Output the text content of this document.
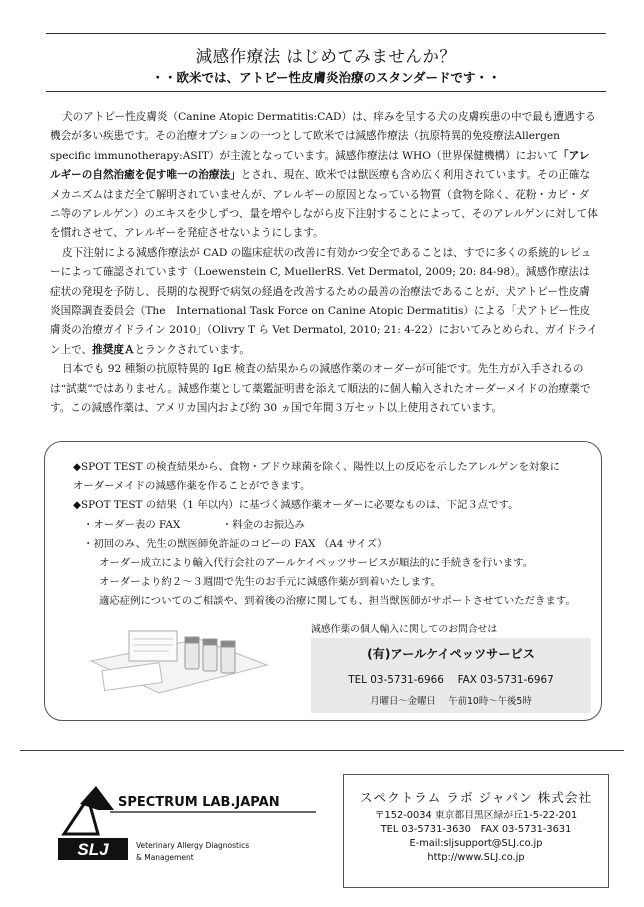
減感作療法 はじめてみませんか？
・・欧米では、アトピー性皮膚炎治療のスタンダードです・・

犬のアトピー性皮膚炎（Canine Atopic Dermatitis:CAD）は、痒みを呈する犬の皮膚疾患の中で最も遭遇する機会が多い疾患です。その治療オプションの一つとして欧米では減感作療法（抗原特異的免疫療法Allergen specific immunotherapy:ASIT）が主流となっています。減感作療法は WHO（世界保健機構）において「アレルギーの自然治癒を促す唯一の治療法」とされ、現在、欧米では獣医療も含め広く利用されています。その正確なメカニズムはまだ全て解明されていませんが、アレルギーの原因となっている物質（食物を除く、花粉・カビ・ダニ等のアレルゲン）のエキスを少しずつ、量を増やしながら皮下注射することによって、そのアレルゲンに対して体を慣れさせて、アレルギーを発症させないようにします。

皮下注射による減感作療法が CAD の臨床症状の改善に有効かつ安全であることは、すでに多くの系統的レビューによって確認されています（Loewenstein C, MuellerRS. Vet Dermatol, 2009; 20: 84-98）。減感作療法は症状の発現を予防し、長期的な視野で病気の経過を改善するための最善の治療法であることが、犬アトピー性皮膚炎国際調査委員会（The　International Task Force on Canine Atopic Dermatitis）による「犬アトピー性皮膚炎の治療ガイドライン 2010」（Olivry T ら Vet Dermatol, 2010; 21: 4-22）においてみとめられ、ガイドライン上で、推奨度Ａとランクされています。

日本でも 92 種類の抗原特異的 IgE 検査の結果からの減感作薬のオーダーが可能です。先生方が入手されるのは“試薬”ではありません。減感作薬として薬鑑証明書を添えて順法的に個人輸入されたオーダーメイドの治療薬です。この減感作薬は、アメリカ国内および約 30 ヵ国で年間３万セット以上使用されています。

◆SPOT TEST の検査結果から、食物・ブドウ球菌を除く、陽性以上の反応を示したアレルゲンを対象に
オーダーメイドの減感作薬を作ることができます。
◆SPOT TEST の結果（1 年以内）に基づく減感作薬オーダーに必要なものは、下記３点です。
・オーダー表の FAX　　　　・料金のお振込み
・初回のみ、先生の獣医師免許証のコピーの FAX （A4 サイズ）
オーダー成立により輸入代行会社のアールケイペッツサービスが順法的に手続きを行います。
オーダーより約２～３週間で先生のお手元に減感作薬が到着いたします。
適応症例についてのご相談や、到着後の治療に関しても、担当獣医師がサポートさせていただきます。
減感作薬の個人輸入に関してのお問合せは
(有)アールケイペッツサービス
TEL 03-5731-6966　 FAX 03-5731-6967
月曜日～金曜日　 午前10時～午後5時
SLJ
SPECTRUM LAB.JAPAN
Veterinary Allergy Diagnostics
& Management
スペクトラム ラボ ジャパン 株式会社
〒152-0034 東京都目黒区緑が丘1-5-22-201
TEL 03-5731-3630　FAX 03-5731-3631
E-mail:sljsupport@SLJ.co.jp
http://www.SLJ.co.jp
